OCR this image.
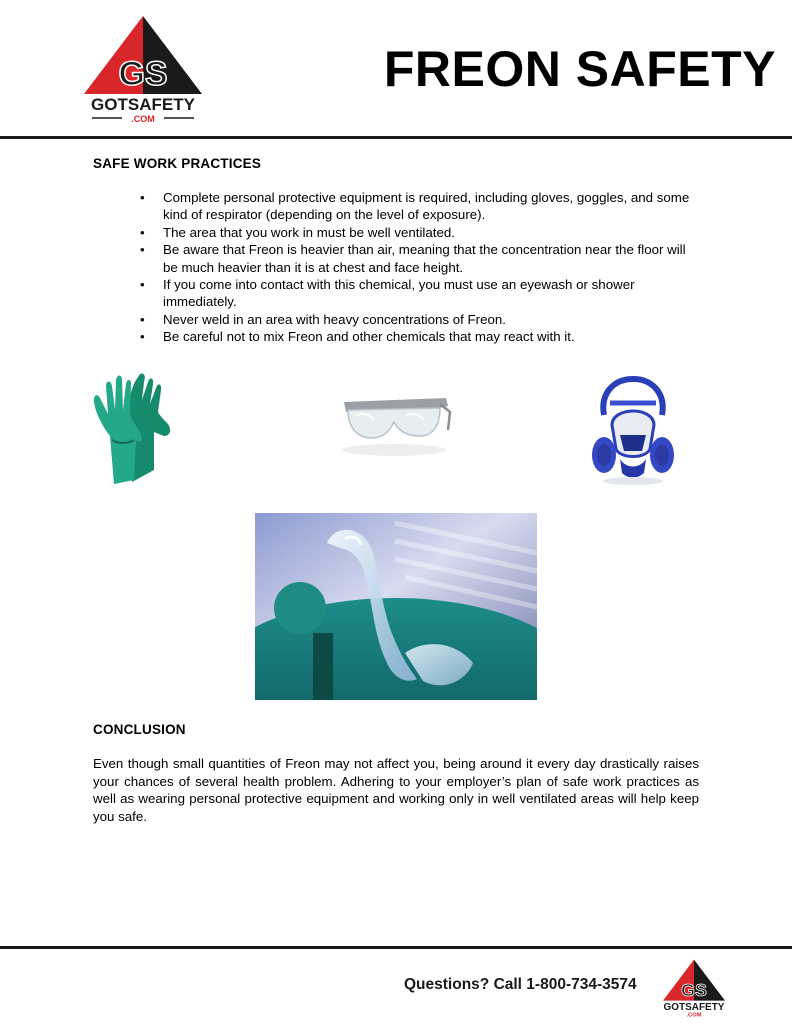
GS
GOTSAFETY
.COM
FREON SAFETY
SAFE WORK PRACTICES
• Complete personal protective equipment is required, including gloves, goggles, and some kind of respirator (depending on the level of exposure).
• The area that you work in must be well ventilated.
• Be aware that Freon is heavier than air, meaning that the concentration near the floor will be much heavier than it is at chest and face height.
• If you come into contact with this chemical, you must use an eyewash or shower immediately.
• Never weld in an area with heavy concentrations of Freon.
• Be careful not to mix Freon and other chemicals that may react with it.
CONCLUSION

Even though small quantities of Freon may not affect you, being around it every day drastically raises your chances of several health problem. Adhering to your employer’s plan of safe work practices as well as wearing personal protective equipment and working only in well ventilated areas will help keep you safe.

Questions? Call 1-800-734-3574 GS
GOTSAFETY
.COM
